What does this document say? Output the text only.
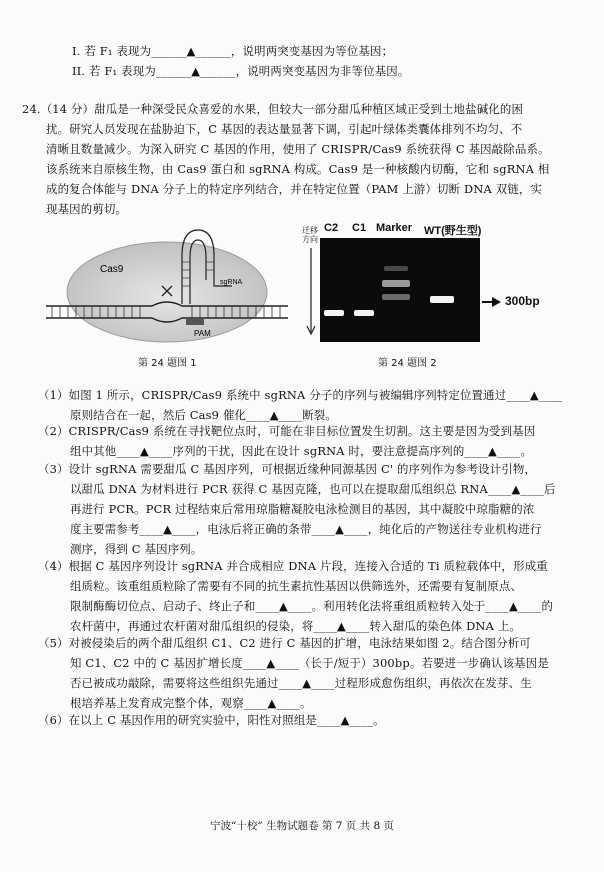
I. 若 F₁ 表现为______▲______，说明两突变基因为等位基因；
II. 若 F₁ 表现为______▲______，说明两突变基因为非等位基因。
24.（14 分）甜瓜是一种深受民众喜爱的水果，但较大一部分甜瓜种植区域正受到土地盐碱化的困
扰。研究人员发现在盐胁迫下，C 基因的表达量显著下调，引起叶绿体类囊体排列不均匀、不
清晰且数量减少。为深入研究 C 基因的作用，使用了 CRISPR/Cas9 系统获得 C 基因敲除品系。
该系统来自原核生物，由 Cas9 蛋白和 sgRNA 构成。Cas9 是一种核酸内切酶，它和 sgRNA 相
成的复合体能与 DNA 分子上的特定序列结合，并在特定位置（PAM 上游）切断 DNA 双链，实
现基因的剪切。
（1）如图 1 所示，CRISPR/Cas9 系统中 sgRNA 分子的序列与被编辑序列特定位置通过____▲____
原则结合在一起，然后 Cas9 催化____▲____断裂。
（2）CRISPR/Cas9 系统在寻找靶位点时，可能在非目标位置发生切割。这主要是因为受到基因
组中其他____▲____序列的干扰，因此在设计 sgRNA 时，要注意提高序列的____▲____。
（3）设计 sgRNA 需要甜瓜 C 基因序列，可根据近缘种同源基因 C' 的序列作为参考设计引物，
以甜瓜 DNA 为材料进行 PCR 获得 C 基因克隆，也可以在提取甜瓜组织总 RNA____▲____后
再进行 PCR。PCR 过程结束后常用琼脂糖凝胶电泳检测目的基因，其中凝胶中琼脂糖的浓
度主要需参考____▲____，电泳后将正确的条带____▲____，纯化后的产物送往专业机构进行
测序，得到 C 基因序列。
（4）根据 C 基因序列设计 sgRNA 并合成相应 DNA 片段，连接入合适的 Ti 质粒载体中，形成重
组质粒。该重组质粒除了需要有不同的抗生素抗性基因以供筛选外，还需要有复制原点、
限制酶酶切位点、启动子、终止子和____▲____。利用转化法将重组质粒转入处于____▲____的
农杆菌中，再通过农杆菌对甜瓜组织的侵染，将____▲____转入甜瓜的染色体 DNA 上。
（5）对被侵染后的两个甜瓜组织 C1、C2 进行 C 基因的扩增，电泳结果如图 2。结合图分析可
知 C1、C2 中的 C 基因扩增长度____▲____（长于/短于）300bp。若要进一步确认该基因是
否已被成功敲除，需要将这些组织先通过____▲____过程形成愈伤组织，再依次在发芽、生
根培养基上发育成完整个体，观察____▲____。
（6）在以上 C 基因作用的研究实验中，阳性对照组是____▲____。
Cas9
sgRNA
PAM
第 24 题图 1
迁移方向
C2 C1 Marker WT(野生型)
300bp
第 24 题图 2
宁波“十校” 生物试题卷 第 7 页 共 8 页
